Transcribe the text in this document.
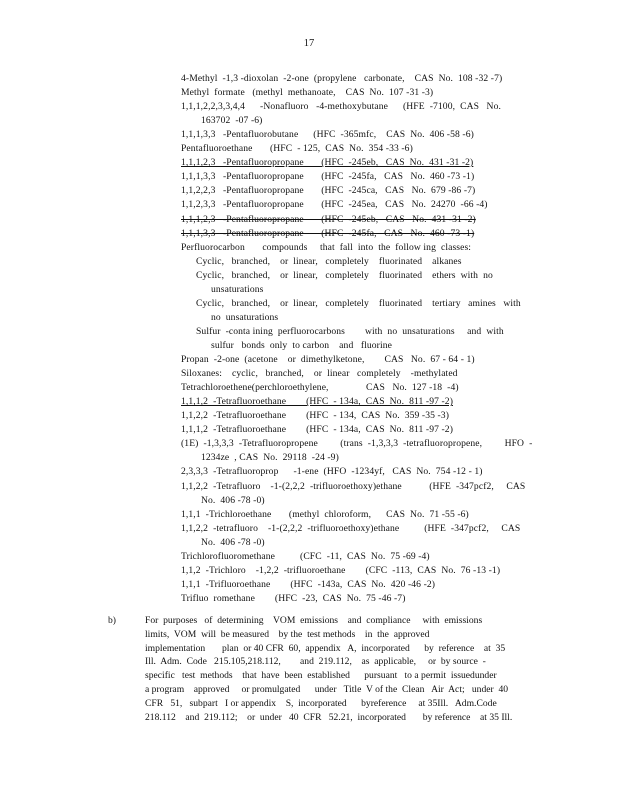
17
4-Methyl  -1,3 -dioxolan  -2-one  (propylene   carbonate,    CAS  No.  108 -32 -7)
Methyl  formate   (methyl  methanoate,    CAS  No.  107 -31 -3)
1,1,1,2,2,3,3,4,4      -Nonafluoro   -4-methoxybutane      (HFE  -7100,  CAS   No.
163702  -07 -6)
1,1,1,3,3   -Pentafluorobutane      (HFC  -365mfc,    CAS  No.  406 -58 -6)
Pentafluoroethane       (HFC  - 125,  CAS  No.  354 -33 -6)
1,1,1,2,3   -Pentafluoropropane       (HFC  -245eb,   CAS  No.  431 -31 -2)
1,1,1,3,3   -Pentafluoropropane       (HFC  -245fa,   CAS   No.  460 -73 -1)
1,1,2,2,3   -Pentafluoropropane       (HFC  -245ca,   CAS   No.  679 -86 -7)
1,1,2,3,3   -Pentafluoropropane       (HFC  -245ea,   CAS   No.  24270  -66 -4)
1,1,1,2,3   -Pentafluoropropane       (HFC  -245eb,   CAS   No.  431 -31 -2)
1,1,1,3,3   -Pentafluoropropane       (HFC  -245fa,   CAS   No.  460 -73 -1)
Perfluorocarbon       compounds     that  fall  into  the  follow ing  classes:
Cyclic,   branched,    or  linear,   completely    fluorinated    alkanes
Cyclic,   branched,    or  linear,   completely    fluorinated    ethers  with  no
unsaturations
Cyclic,   branched,    or  linear,   completely    fluorinated    tertiary   amines   with
no  unsaturations
Sulfur  -conta ining  perfluorocarbons        with  no  unsaturations     and  with
sulfur   bonds  only  to carbon    and   fluorine
Propan  -2-one  (acetone    or  dimethylketone,        CAS   No.  67 - 64 - 1)
Siloxanes:    cyclic,   branched,    or  linear   completely    -methylated
Tetrachloroethene(perchloroethylene,               CAS   No.  127 -18  -4)
1,1,1,2  -Tetrafluoroethane        (HFC  - 134a,  CAS  No.  811 -97 -2)
1,1,2,2  -Tetrafluoroethane        (HFC  - 134,  CAS  No.  359 -35 -3)
1,1,1,2  -Tetrafluoroethane        (HFC  - 134a,  CAS  No.  811 -97 -2)
(1E)  -1,3,3,3  -Tetrafluoropropene         (trans  -1,3,3,3  -tetrafluoropropene,         HFO  -
1234ze  , CAS  No.  29118  -24 -9)
2,3,3,3  -Tetrafluoroprop      -1-ene  (HFO  -1234yf,   CAS  No.  754 -12 - 1)
1,1,2,2  -Tetrafluoro    -1-(2,2,2  -trifluoroethoxy)ethane           (HFE  -347pcf2,     CAS
No.  406 -78 -0)
1,1,1  -Trichloroethane       (methyl  chloroform,      CAS  No.  71 -55 -6)
1,1,2,2  -tetrafluoro    -1-(2,2,2  -trifluoroethoxy)ethane          (HFE  -347pcf2,     CAS
No.  406 -78 -0)
Trichlorofluoromethane          (CFC  -11,  CAS  No.  75 -69 -4)
1,1,2  -Trichloro    -1,2,2  -trifluoroethane        (CFC  -113,  CAS  No.  76 -13 -1)
1,1,1  -Trifluoroethane        (HFC  -143a,  CAS  No.  420 -46 -2)
Trifluo  romethane        (HFC  -23,  CAS  No.  75 -46 -7)
b)	For  purposes   of  determining    VOM  emissions    and  compliance     with  emissions
limits,  VOM  will  be measured    by the  test methods    in  the  approved
implementation       plan  or 40 CFR  60,  appendix   A,  incorporated      by  reference    at  35
Ill.  Adm.  Code   215.105,218.112,        and  219.112,    as  applicable,     or  by source  -
specific   test  methods    that  have  been  established      pursuant   to a permit  issuedunder
a program    approved     or promulgated      under   Title  V of the  Clean   Air  Act;   under  40
CFR   51,   subpart   I or appendix    S,  incorporated      byreference     at 35Ill.   Adm.Code
218.112    and  219.112;    or  under   40  CFR   52.21,  incorporated       by reference    at 35 Ill.
